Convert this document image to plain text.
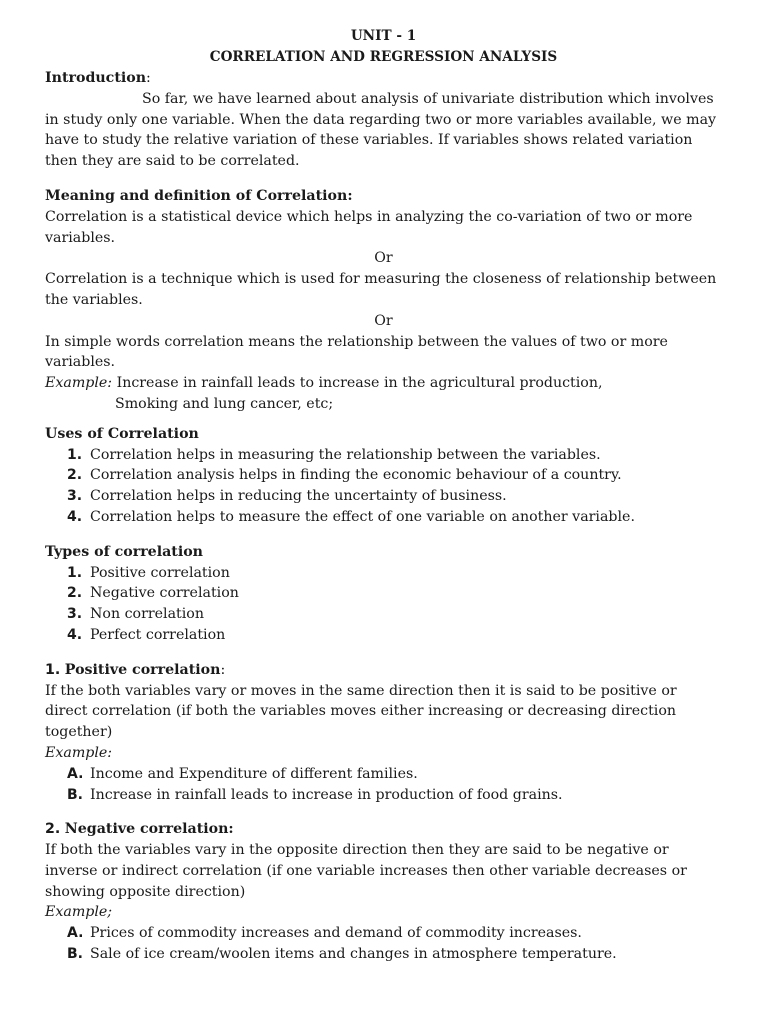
UNIT - 1

CORRELATION AND REGRESSION ANALYSIS

Introduction:

So far, we have learned about analysis of univariate distribution which involves in study only one variable. When the data regarding two or more variables available, we may have to study the relative variation of these variables. If variables shows related variation then they are said to be correlated.

Meaning and definition of Correlation:

Correlation is a statistical device which helps in analyzing the co-variation of two or more variables.

Or

Correlation is a technique which is used for measuring the closeness of relationship between the variables.

Or

In simple words correlation means the relationship between the values of two or more variables.

Example: Increase in rainfall leads to increase in the agricultural production,

Smoking and lung cancer, etc;

Uses of Correlation

1. Correlation helps in measuring the relationship between the variables.
2. Correlation analysis helps in finding the economic behaviour of a country.
3. Correlation helps in reducing the uncertainty of business.
4. Correlation helps to measure the effect of one variable on another variable.

Types of correlation

1. Positive correlation
2. Negative correlation
3. Non correlation
4. Perfect correlation

1. Positive correlation:

If the both variables vary or moves in the same direction then it is said to be positive or direct correlation (if both the variables moves either increasing or decreasing direction together)

Example:

A. Income and Expenditure of different families.
B. Increase in rainfall leads to increase in production of food grains.

2. Negative correlation:

If both the variables vary in the opposite direction then they are said to be negative or inverse or indirect correlation (if one variable increases then other variable decreases or showing opposite direction)

Example;

A. Prices of commodity increases and demand of commodity increases.
B. Sale of ice cream/woolen items and changes in atmosphere temperature.
